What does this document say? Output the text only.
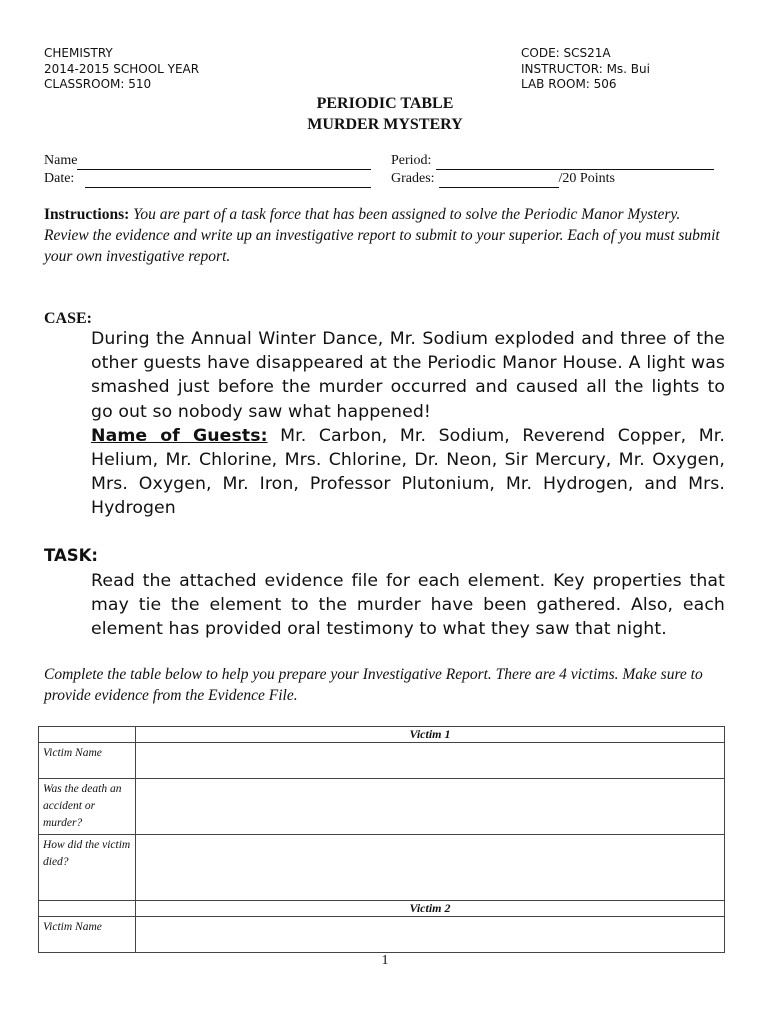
CHEMISTRY
2014-2015 SCHOOL YEAR
CLASSROOM: 510
CODE: SCS21A
INSTRUCTOR: Ms. Bui
LAB ROOM: 506
PERIODIC TABLE
MURDER MYSTERY
Name
Date:
Period:
Grades:	/20 Points
Instructions: You are part of a task force that has been assigned to solve the Periodic Manor Mystery. Review the evidence and write up an investigative report to submit to your superior. Each of you must submit your own investigative report.
CASE:
During the Annual Winter Dance, Mr. Sodium exploded and three of the other guests have disappeared at the Periodic Manor House. A light was smashed just before the murder occurred and caused all the lights to go out so nobody saw what happened!
Name of Guests: Mr. Carbon, Mr. Sodium, Reverend Copper, Mr. Helium, Mr. Chlorine, Mrs. Chlorine, Dr. Neon, Sir Mercury, Mr. Oxygen, Mrs. Oxygen, Mr. Iron, Professor Plutonium, Mr. Hydrogen, and Mrs. Hydrogen
TASK:
Read the attached evidence file for each element. Key properties that may tie the element to the murder have been gathered. Also, each element has provided oral testimony to what they saw that night.
Complete the table below to help you prepare your Investigative Report. There are 4 victims. Make sure to provide evidence from the Evidence File.
	Victim 1
Victim Name	
Was the death an accident or murder?	
How did the victim died?	
	Victim 2
Victim Name	
1
